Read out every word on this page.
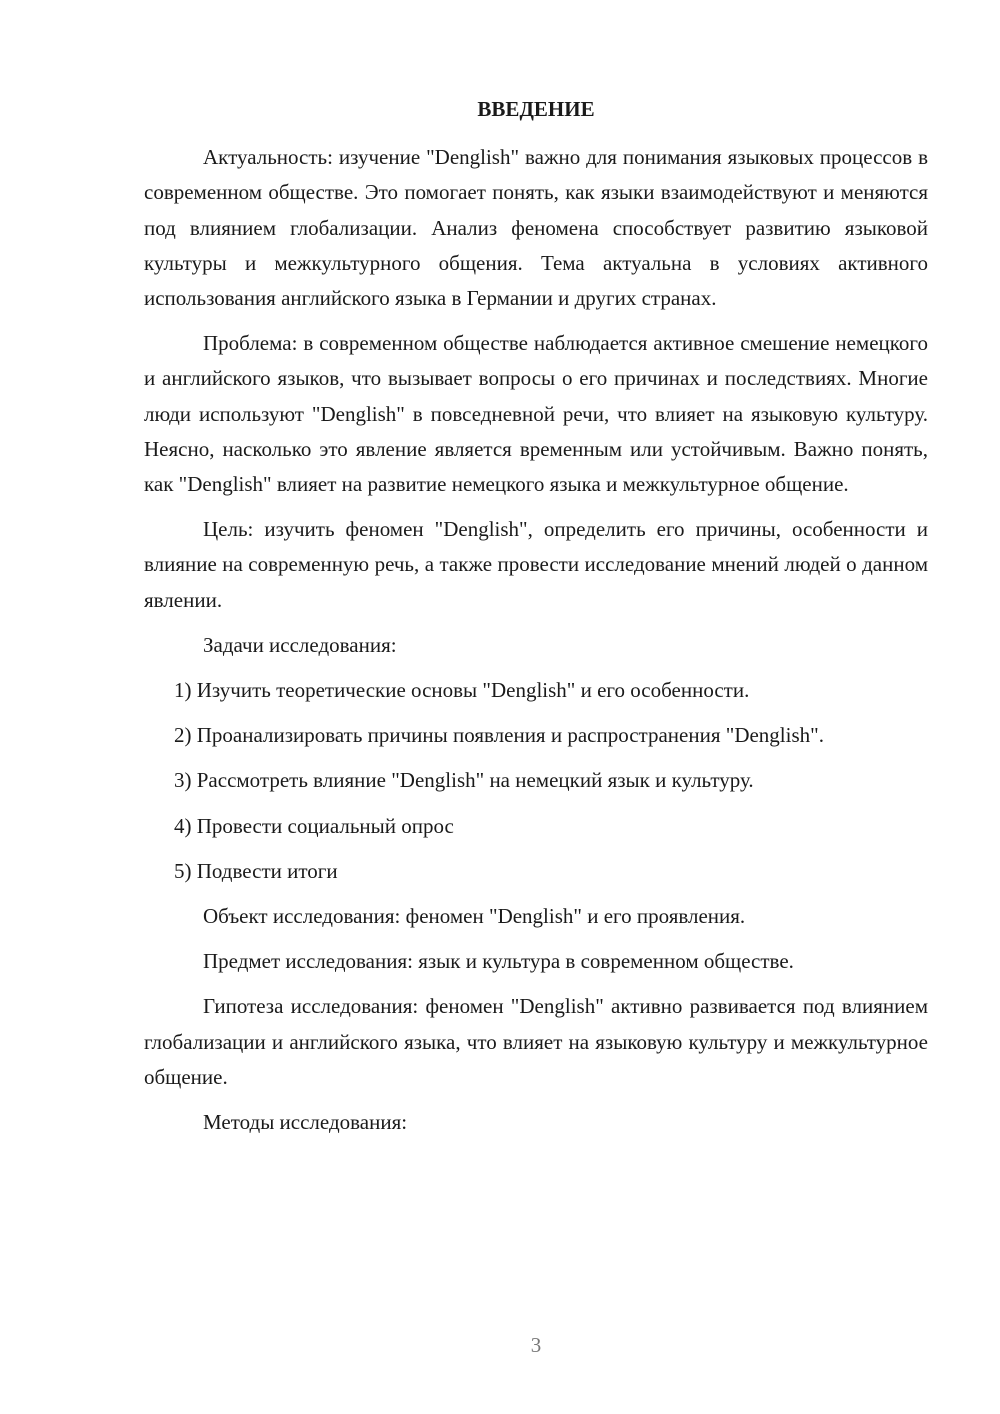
ВВЕДЕНИЕ

Актуальность: изучение "Denglish" важно для понимания языковых процессов в современном обществе. Это помогает понять, как языки взаимодействуют и меняются под влиянием глобализации. Анализ феномена способствует развитию языковой культуры и межкультурного общения. Тема актуальна в условиях активного использования английского языка в Германии и других странах.

Проблема: в современном обществе наблюдается активное смешение немецкого и английского языков, что вызывает вопросы о его причинах и последствиях. Многие люди используют "Denglish" в повседневной речи, что влияет на языковую культуру. Неясно, насколько это явление является временным или устойчивым. Важно понять, как "Denglish" влияет на развитие немецкого языка и межкультурное общение.

Цель: изучить феномен "Denglish", определить его причины, особенности и влияние на современную речь, а также провести исследование мнений людей о данном явлении.

Задачи исследования:

1) Изучить теоретические основы "Denglish" и его особенности.

2) Проанализировать причины появления и распространения "Denglish".

3) Рассмотреть влияние "Denglish" на немецкий язык и культуру.

4) Провести социальный опрос

5) Подвести итоги

Объект исследования: феномен "Denglish" и его проявления.

Предмет исследования: язык и культура в современном обществе.

Гипотеза исследования: феномен "Denglish" активно развивается под влиянием глобализации и английского языка, что влияет на языковую культуру и межкультурное общение.

Методы исследования:

3
